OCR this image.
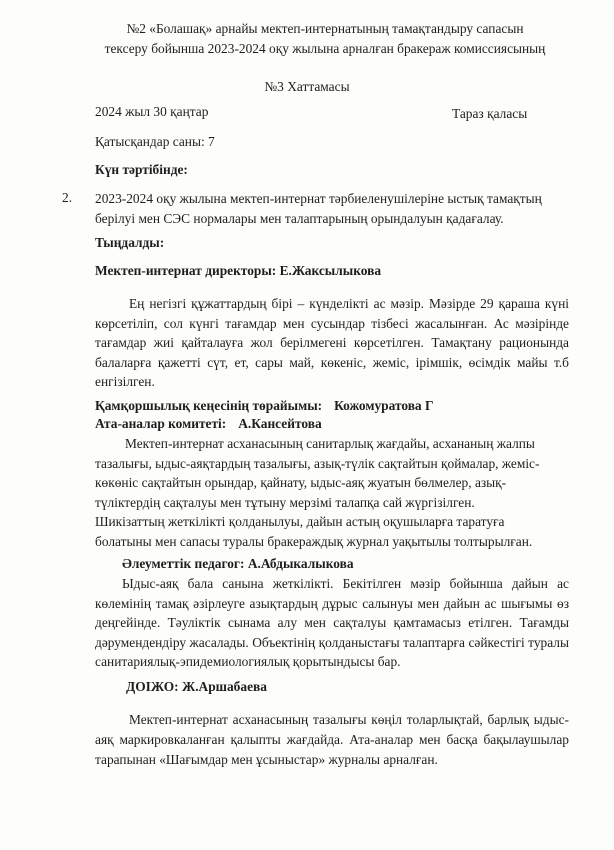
№2 «Болашақ» арнайы мектеп-интернатының тамақтандыру сапасын
тексеру бойынша 2023-2024 оқу жылына арналған бракераж комиссиясының
№3 Хаттамасы
2024 жыл 30 қаңтар	Тараз қаласы
Қатысқандар саны: 7
Күн тәртібінде:
2. 2023-2024 оқу жылына мектеп-интернат тәрбиеленушілеріне ыстық тамақтың берілуі мен СЭС нормалары мен талаптарының орындалуын қадағалау.
Тыңдалды:
Мектеп-интернат директоры: Е.Жаксылыкова
Ең негізгі құжаттардың бірі – күнделікті ас мәзір. Мәзірде 29 қараша күні көрсетіліп, сол күнгі тағамдар мен сусындар тізбесі жасалынған. Ас мәзірінде тағамдар жиі қайталауға жол берілмегені көрсетілген. Тамақтану рационында балаларға қажетті сүт, ет, сары май, көкеніс, жеміс, ірімшік, өсімдік майы т.б енгізілген.
Қамқоршылық кеңесінің төрайымы: Кожомуратова Г
Ата-аналар комитеті: А.Кансейтова
Мектеп-интернат асханасының санитарлық жағдайы, асхананың жалпы
тазалығы, ыдыс-аяқтардың тазалығы, азық-түлік сақтайтын қоймалар, жеміс-
көкөніс сақтайтын орындар, қайнату, ыдыс-аяқ жуатын бөлмелер, азық-
түліктердің сақталуы мен тұтыну мерзімі талапқа сай жүргізілген.
Шикізаттың жеткілікті қолданылуы, дайын астың оқушыларға таратуға
болатыны мен сапасы туралы бракераждық журнал уақытылы толтырылған.
Әлеуметтік педагог: А.Абдыкалыкова
Ыдыс-аяқ бала санына жеткілікті. Бекітілген мәзір бойынша дайын ас көлемінің тамақ әзірлеуге азықтардың дұрыс салынуы мен дайын ас шығымы өз деңгейінде. Тәуліктік сынама алу мен сақталуы қамтамасыз етілген. Тағамды дәрумендендіру жасалады. Объектінің қолданыстағы талаптарға сәйкестігі туралы санитариялық-эпидемиологиялық қорытындысы бар.
ДОІЖО: Ж.Аршабаева
Мектеп-интернат асханасының тазалығы көңіл толарлықтай, барлық ыдыс-аяқ маркировкаланған қалыпты жағдайда. Ата-аналар мен басқа бақылаушылар тарапынан «Шағымдар мен ұсыныстар» журналы арналған.
